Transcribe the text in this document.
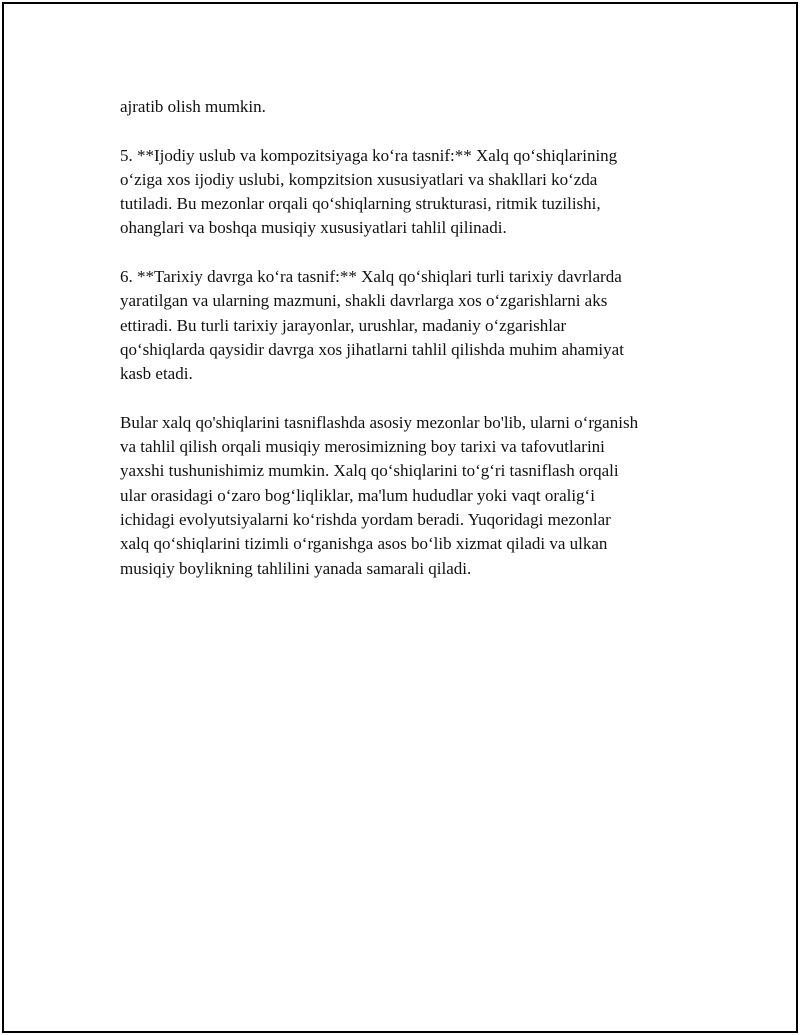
ajratib olish mumkin.

5. **Ijodiy uslub va kompozitsiyaga ko‘ra tasnif:** Xalq qo‘shiqlarining
o‘ziga xos ijodiy uslubi, kompzitsion xususiyatlari va shakllari ko‘zda
tutiladi. Bu mezonlar orqali qo‘shiqlarning strukturasi, ritmik tuzilishi,
ohanglari va boshqa musiqiy xususiyatlari tahlil qilinadi.

6. **Tarixiy davrga ko‘ra tasnif:** Xalq qo‘shiqlari turli tarixiy davrlarda
yaratilgan va ularning mazmuni, shakli davrlarga xos o‘zgarishlarni aks
ettiradi. Bu turli tarixiy jarayonlar, urushlar, madaniy o‘zgarishlar
qo‘shiqlarda qaysidir davrga xos jihatlarni tahlil qilishda muhim ahamiyat
kasb etadi.

Bular xalq qo'shiqlarini tasniflashda asosiy mezonlar bo'lib, ularni o‘rganish
va tahlil qilish orqali musiqiy merosimizning boy tarixi va tafovutlarini
yaxshi tushunishimiz mumkin. Xalq qo‘shiqlarini to‘g‘ri tasniflash orqali
ular orasidagi o‘zaro bog‘liqliklar, ma'lum hududlar yoki vaqt oralig‘i
ichidagi evolyutsiyalarni ko‘rishda yordam beradi. Yuqoridagi mezonlar
xalq qo‘shiqlarini tizimli o‘rganishga asos bo‘lib xizmat qiladi va ulkan
musiqiy boylikning tahlilini yanada samarali qiladi.
